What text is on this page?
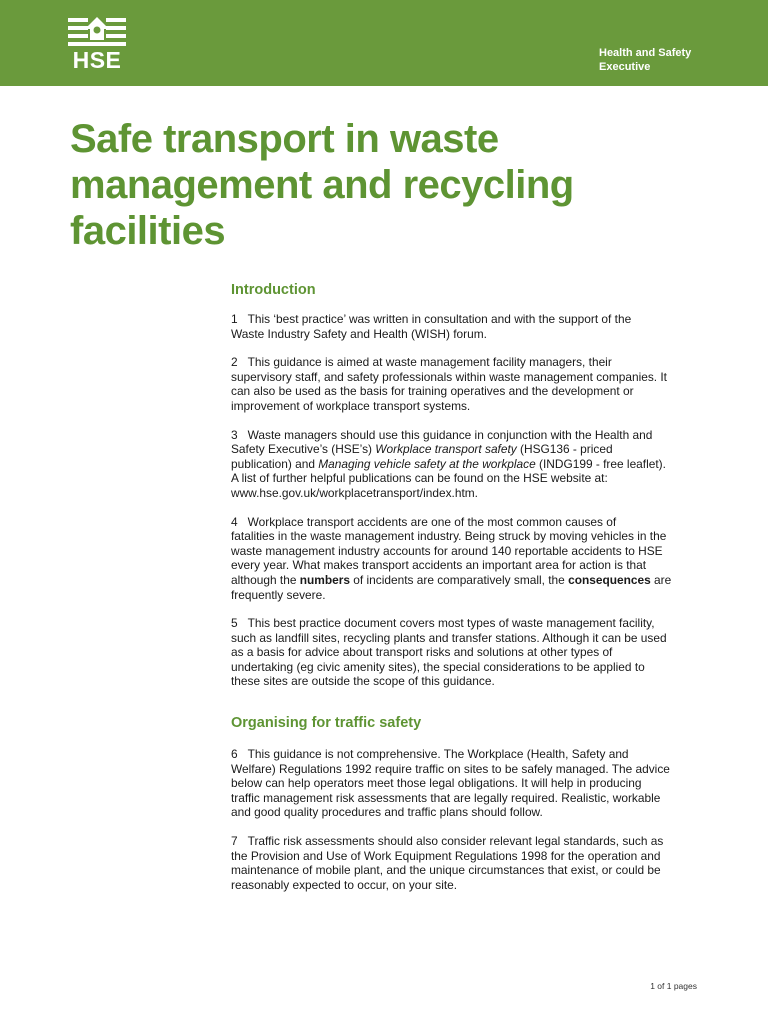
HSE	Health and Safety
Executive
Safe transport in waste
management and recycling
facilities
Introduction

1 This ‘best practice’ was written in consultation and with the support of the
Waste Industry Safety and Health (WISH) forum.

2 This guidance is aimed at waste management facility managers, their
supervisory staff, and safety professionals within waste management companies. It
can also be used as the basis for training operatives and the development or
improvement of workplace transport systems.

3 Waste managers should use this guidance in conjunction with the Health and
Safety Executive’s (HSE’s) Workplace transport safety (HSG136 - priced
publication) and Managing vehicle safety at the workplace (INDG199 - free leaflet).
A list of further helpful publications can be found on the HSE website at:
www.hse.gov.uk/workplacetransport/index.htm.

4 Workplace transport accidents are one of the most common causes of
fatalities in the waste management industry. Being struck by moving vehicles in the
waste management industry accounts for around 140 reportable accidents to HSE
every year. What makes transport accidents an important area for action is that
although the numbers of incidents are comparatively small, the consequences are
frequently severe.

5 This best practice document covers most types of waste management facility,
such as landfill sites, recycling plants and transfer stations. Although it can be used
as a basis for advice about transport risks and solutions at other types of
undertaking (eg civic amenity sites), the special considerations to be applied to
these sites are outside the scope of this guidance.

Organising for traffic safety

6 This guidance is not comprehensive. The Workplace (Health, Safety and
Welfare) Regulations 1992 require traffic on sites to be safely managed. The advice
below can help operators meet those legal obligations. It will help in producing
traffic management risk assessments that are legally required. Realistic, workable
and good quality procedures and traffic plans should follow.

7 Traffic risk assessments should also consider relevant legal standards, such as
the Provision and Use of Work Equipment Regulations 1998 for the operation and
maintenance of mobile plant, and the unique circumstances that exist, or could be
reasonably expected to occur, on your site.

1 of 1 pages
